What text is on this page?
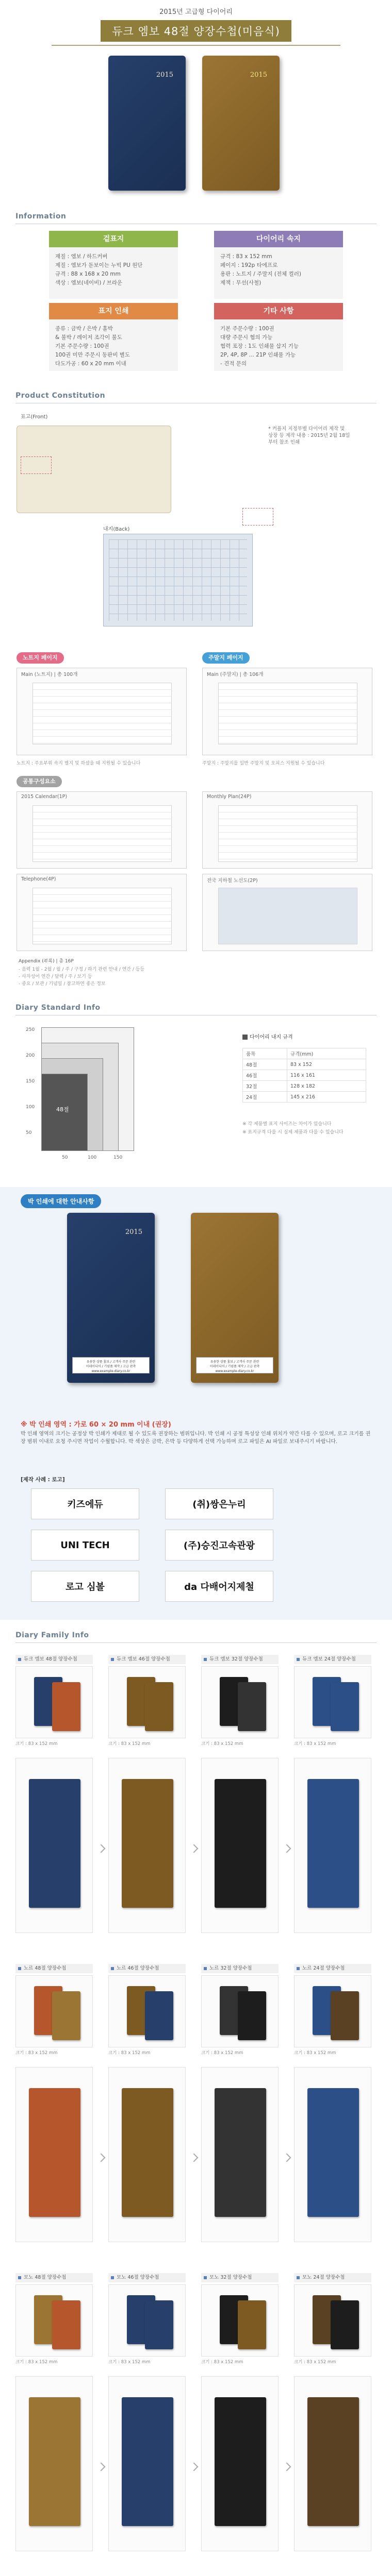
2015년 고급형 다이어리
듀크 엠보 48절 양장수첩(미음식)
2015	2015
Information
겉표지
재질 : 엠보 / 하드커버
제질 : 엠보가 돋보이는 누빅 PU 원단
규격 : 88 x 168 x 20 mm
색상 : 엠보(네이비) / 브라운
다이어리 속지
규격 : 83 x 152 mm
페이지 : 192p 타에프로
용판 : 노트지 / 주말지 (전체 컬러)
제책 : 무선(사철)
표지 인쇄
종류 : 금박 / 은박 / 홀박
& 불박 / 레이저 조각이 불도
기본 주문수량 : 100권
100권 미만 주문시 동판비 별도
다도가공 : 60 x 20 mm 이내
기타 사항
기본 주문수량 : 100권
대량 주문시 협의 가능
협력 포장 : 1도 인쇄물 삽지 기능
2P, 4P, 8P ... 21P 인쇄물 가능
- 견적 문의
Product Constitution
표고(Front)
* 커플지 지정부별 다이어리 제작 및 상장 등 제작 내용 : 2015년 2월 18일 부터 참조 인쇄
내지(Back)
노트지 페이지	주말지 페이지
Main (노트지) | 총 100개	Main (주말지) | 총 106개
노트지 : 주요부위 속지 별지 및 하셨을 때 지원될 수 있습니다	주말지 : 주말지를 일반 주말지 및 오피스 지원될 수 있습니다
공통구성요소
2015 Calendar(1P)	Monthly Plan(24P)
Telephone(4P)	전국 지하철 노선도(2P)
Appendix (부록) | 총 16P
- 음력 1월 - 2월 / 월 / 주 / 구정 / 하기 관련 안내 / 연간 / 등등
- 사자성어 연간 / 달력 / 주 / 보기 등
- 중요 / 보관 / 기념일 / 참고하면 좋은 정보
Diary Standard Info
250
200
150
100
50
50	100	150
48절
다이어리 내지 규격
품목	규격(mm)
48절	83 x 152
46절	116 x 161
32절	128 x 182
24절	145 x 216
※ 각 제품별 표지 사이즈는 차이가 있습니다
※ 표지규격 다를 시 실제 제품과 다를 수 있습니다
박 인쇄에 대한 안내사항
2015
유용한 상품 홍보 / 고객사 주문 관련
이데이디어 / 기념품 제작 / 고급 판촉
www.example-diary.co.kr
유용한 상품 홍보 / 고객사 주문 관련
이데이디어 / 기념품 제작 / 고급 판촉
www.example-diary.co.kr
※ 박 인쇄 영역 : 가로 60 × 20 mm 이내 (권장)
박 인쇄 영역의 크기는 공정상 박 인쇄가 제대로 될 수 있도록 권장하는 범위입니다. 박 인쇄 시 공정 특성상 인쇄 위치가 약간 다를 수 있으며, 로고 크기를 권장 범위 이내로 요청 주시면 작업이 수월합니다. 박 색상은 금박, 은박 등 다양하게 선택 가능하며 로고 파일은 AI 파일로 보내주시기 바랍니다.
[제작 사례 : 로고]
키즈에듀	(취)쌍은누리
UNI TECH	(주)승진고속관광
로고 심볼	da 다배어지제철
Diary Family Info
듀크 엠보 48절 양장수첩
크기 : 83 x 152 mm
듀크 엠보 46절 양장수첩
크기 : 83 x 152 mm
듀크 엠보 32절 양장수첩
크기 : 83 x 152 mm
듀크 엠보 24절 양장수첩
크기 : 83 x 152 mm
노르 48절 양장수첩
크기 : 83 x 152 mm
노르 46절 양장수첩
크기 : 83 x 152 mm
노르 32절 양장수첩
크기 : 83 x 152 mm
노르 24절 양장수첩
크기 : 83 x 152 mm
모노 48절 양장수첩
크기 : 83 x 152 mm
모노 46절 양장수첩
크기 : 83 x 152 mm
모노 32절 양장수첩
크기 : 83 x 152 mm
모노 24절 양장수첩
크기 : 83 x 152 mm
